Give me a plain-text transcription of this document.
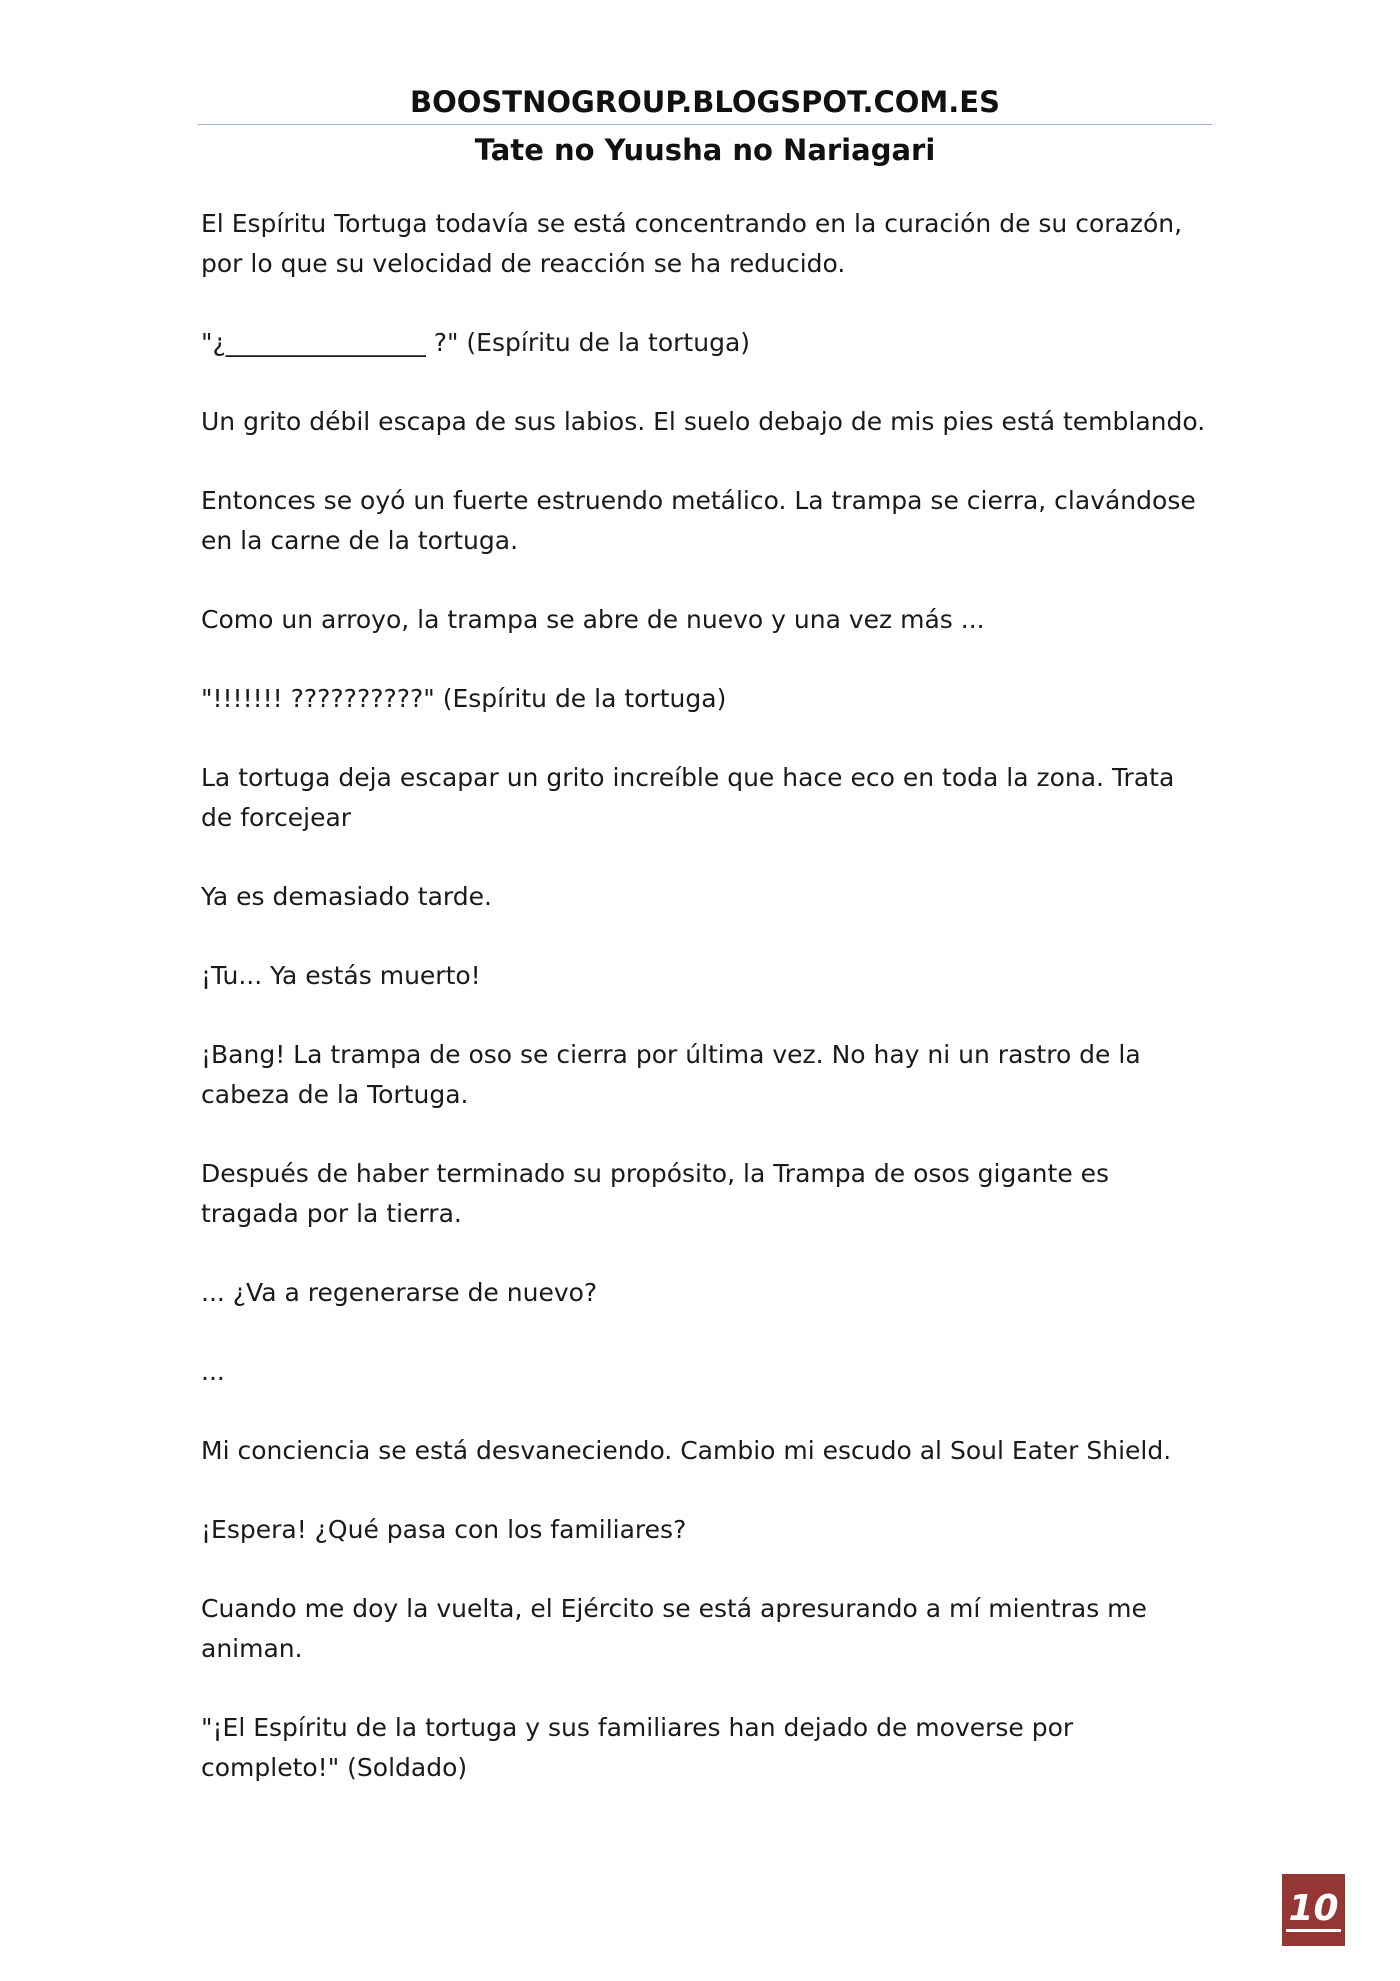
BOOSTNOGROUP.BLOGSPOT.COM.ES
Tate no Yuusha no Nariagari

El Espíritu Tortuga todavía se está concentrando en la curación de su corazón, por lo que su velocidad de reacción se ha reducido.

"¿________________ ?" (Espíritu de la tortuga)

Un grito débil escapa de sus labios. El suelo debajo de mis pies está temblando.

Entonces se oyó un fuerte estruendo metálico. La trampa se cierra, clavándose en la carne de la tortuga.

Como un arroyo, la trampa se abre de nuevo y una vez más ...

"!!!!!!! ??????????" (Espíritu de la tortuga)

La tortuga deja escapar un grito increíble que hace eco en toda la zona. Trata de forcejear

Ya es demasiado tarde.

¡Tu... Ya estás muerto!

¡Bang! La trampa de oso se cierra por última vez. No hay ni un rastro de la cabeza de la Tortuga.

Después de haber terminado su propósito, la Trampa de osos gigante es tragada por la tierra.

... ¿Va a regenerarse de nuevo?

...

Mi conciencia se está desvaneciendo. Cambio mi escudo al Soul Eater Shield.

¡Espera! ¿Qué pasa con los familiares?

Cuando me doy la vuelta, el Ejército se está apresurando a mí mientras me animan.

"¡El Espíritu de la tortuga y sus familiares han dejado de moverse por completo!" (Soldado)

10
